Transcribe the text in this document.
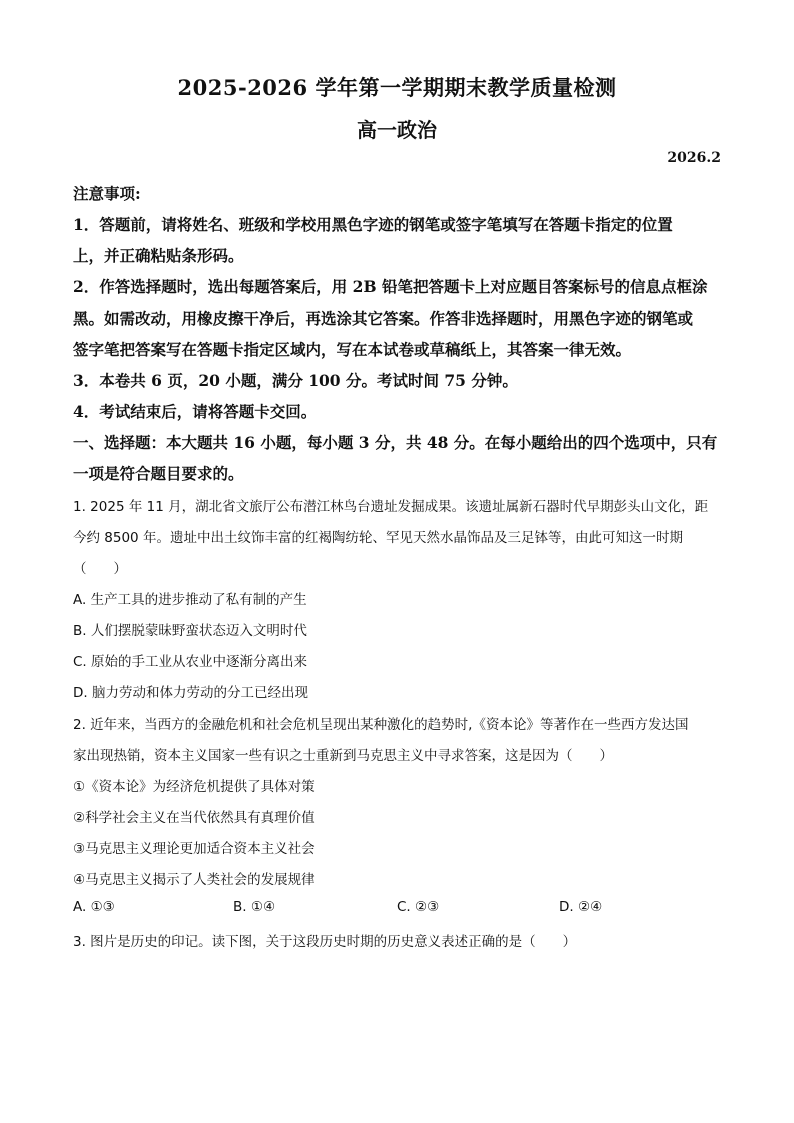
2025-2026 学年第一学期期末教学质量检测
高一政治
2026.2
注意事项:
1．答题前，请将姓名、班级和学校用黑色字迹的钢笔或签字笔填写在答题卡指定的位置
上，并正确粘贴条形码。
2．作答选择题时，选出每题答案后，用 2B 铅笔把答题卡上对应题目答案标号的信息点框涂
黑。如需改动，用橡皮擦干净后，再选涂其它答案。作答非选择题时，用黑色字迹的钢笔或
签字笔把答案写在答题卡指定区域内，写在本试卷或草稿纸上，其答案一律无效。
3．本卷共 6 页，20 小题，满分 100 分。考试时间 75 分钟。
4．考试结束后，请将答题卡交回。
一、选择题：本大题共 16 小题，每小题 3 分，共 48 分。在每小题给出的四个选项中，只有
一项是符合题目要求的。
1. 2025 年 11 月，湖北省文旅厅公布潜江林鸟台遗址发掘成果。该遗址属新石器时代早期彭头山文化，距
今约 8500 年。遗址中出土纹饰丰富的红褐陶纺轮、罕见天然水晶饰品及三足钵等，由此可知这一时期
（　　）
A. 生产工具的进步推动了私有制的产生
B. 人们摆脱蒙昧野蛮状态迈入文明时代
C. 原始的手工业从农业中逐渐分离出来
D. 脑力劳动和体力劳动的分工已经出现
2. 近年来，当西方的金融危机和社会危机呈现出某种激化的趋势时,《资本论》等著作在一些西方发达国
家出现热销，资本主义国家一些有识之士重新到马克思主义中寻求答案，这是因为（　　）
①《资本论》为经济危机提供了具体对策
②科学社会主义在当代依然具有真理价值
③马克思主义理论更加适合资本主义社会
④马克思主义揭示了人类社会的发展规律
A. ①③	B. ①④	C. ②③	D. ②④
3. 图片是历史的印记。读下图，关于这段历史时期的历史意义表述正确的是（　　）
